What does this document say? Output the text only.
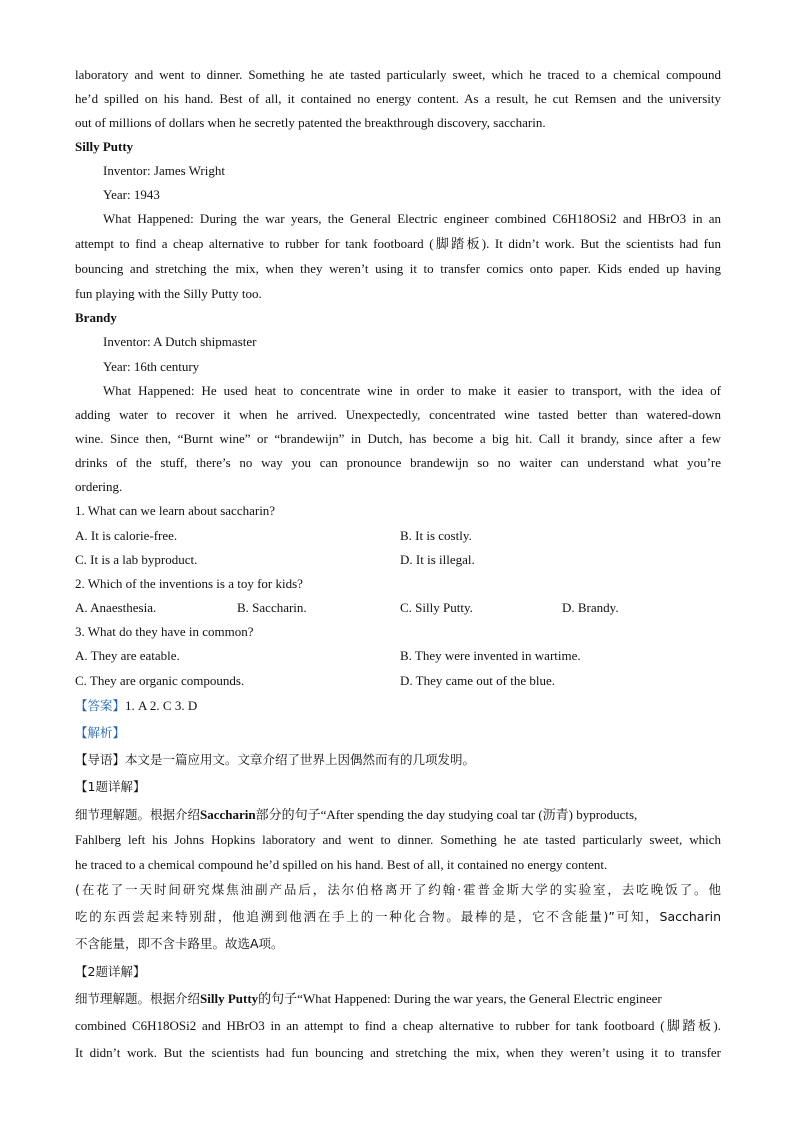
laboratory and went to dinner. Something he ate tasted particularly sweet, which he traced to a chemical compound
he’d spilled on his hand. Best of all, it contained no energy content. As a result, he cut Remsen and the university
out of millions of dollars when he secretly patented the breakthrough discovery, saccharin.
Silly Putty
Inventor: James Wright
Year: 1943
What Happened: During the war years, the General Electric engineer combined C6H18OSi2 and HBrO3 in an
attempt to find a cheap alternative to rubber for tank footboard (脚踏板). It didn’t work. But the scientists had fun
bouncing and stretching the mix, when they weren’t using it to transfer comics onto paper. Kids ended up having
fun playing with the Silly Putty too.
Brandy
Inventor: A Dutch shipmaster
Year: 16th century
What Happened: He used heat to concentrate wine in order to make it easier to transport, with the idea of
adding water to recover it when he arrived. Unexpectedly, concentrated wine tasted better than watered-down
wine. Since then, “Burnt wine” or “brandewijn” in Dutch, has become a big hit. Call it brandy, since after a few
drinks of the stuff, there’s no way you can pronounce brandewijn so no waiter can understand what you’re
ordering.
1. What can we learn about saccharin?
A. It is calorie-free.	B. It is costly.
C. It is a lab byproduct.	D. It is illegal.
2. Which of the inventions is a toy for kids?
A. Anaesthesia.	B. Saccharin.	C. Silly Putty.	D. Brandy.
3. What do they have in common?
A. They are eatable.	B. They were invented in wartime.
C. They are organic compounds.	D. They came out of the blue.
【答案】1. A 2. C 3. D
【解析】
【导语】本文是一篇应用文。文章介绍了世界上因偶然而有的几项发明。
【1题详解】
细节理解题。根据介绍Saccharin部分的句子“After spending the day studying coal tar (沥青) byproducts,
Fahlberg left his Johns Hopkins laboratory and went to dinner. Something he ate tasted particularly sweet, which
he traced to a chemical compound he’d spilled on his hand. Best of all, it contained no energy content.
(在花了一天时间研究煤焦油副产品后，法尔伯格离开了约翰·霍普金斯大学的实验室，去吃晚饭了。他
吃的东西尝起来特别甜，他追溯到他洒在手上的一种化合物。最棒的是，它不含能量)”可知，Saccharin
不含能量，即不含卡路里。故选A项。
【2题详解】
细节理解题。根据介绍Silly Putty的句子“What Happened: During the war years, the General Electric engineer
combined C6H18OSi2 and HBrO3 in an attempt to find a cheap alternative to rubber for tank footboard (脚踏板).
It didn’t work. But the scientists had fun bouncing and stretching the mix, when they weren’t using it to transfer
